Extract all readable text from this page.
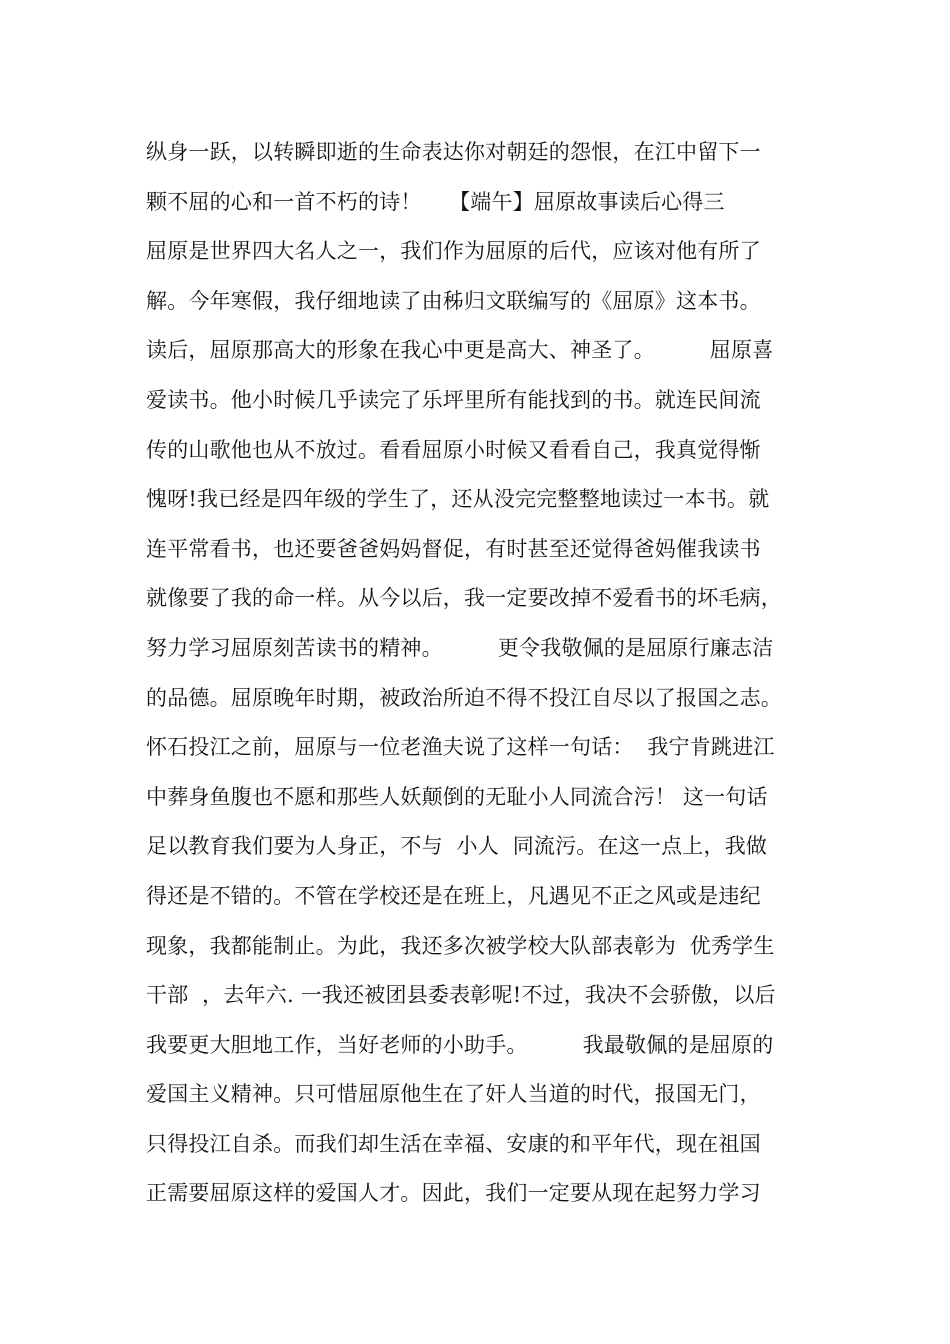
纵身一跃，以转瞬即逝的生命表达你对朝廷的怨恨，在江中留下一
颗不屈的心和一首不朽的诗！    【端午】屈原故事读后心得三
屈原是世界四大名人之一，我们作为屈原的后代，应该对他有所了
解。今年寒假，我仔细地读了由秭归文联编写的《屈原》这本书。
读后，屈原那高大的形象在我心中更是高大、神圣了。        屈原喜
爱读书。他小时候几乎读完了乐坪里所有能找到的书。就连民间流
传的山歌他也从不放过。看看屈原小时候又看看自己，我真觉得惭
愧呀!我已经是四年级的学生了，还从没完完整整地读过一本书。就
连平常看书，也还要爸爸妈妈督促，有时甚至还觉得爸妈催我读书
就像要了我的命一样。从今以后，我一定要改掉不爱看书的坏毛病，
努力学习屈原刻苦读书的精神。        更令我敬佩的是屈原行廉志洁
的品德。屈原晚年时期，被政治所迫不得不投江自尽以了报国之志。
怀石投江之前，屈原与一位老渔夫说了这样一句话：  我宁肯跳进江
中葬身鱼腹也不愿和那些人妖颠倒的无耻小人同流合污！ 这一句话
足以教育我们要为人身正，不与  小人  同流污。在这一点上，我做
得还是不错的。不管在学校还是在班上，凡遇见不正之风或是违纪
现象，我都能制止。为此，我还多次被学校大队部表彰为  优秀学生
干部  ，去年六. 一我还被团县委表彰呢!不过，我决不会骄傲，以后
我要更大胆地工作，当好老师的小助手。        我最敬佩的是屈原的
爱国主义精神。只可惜屈原他生在了奸人当道的时代，报国无门，
只得投江自杀。而我们却生活在幸福、安康的和平年代，现在祖国
正需要屈原这样的爱国人才。因此，我们一定要从现在起努力学习
